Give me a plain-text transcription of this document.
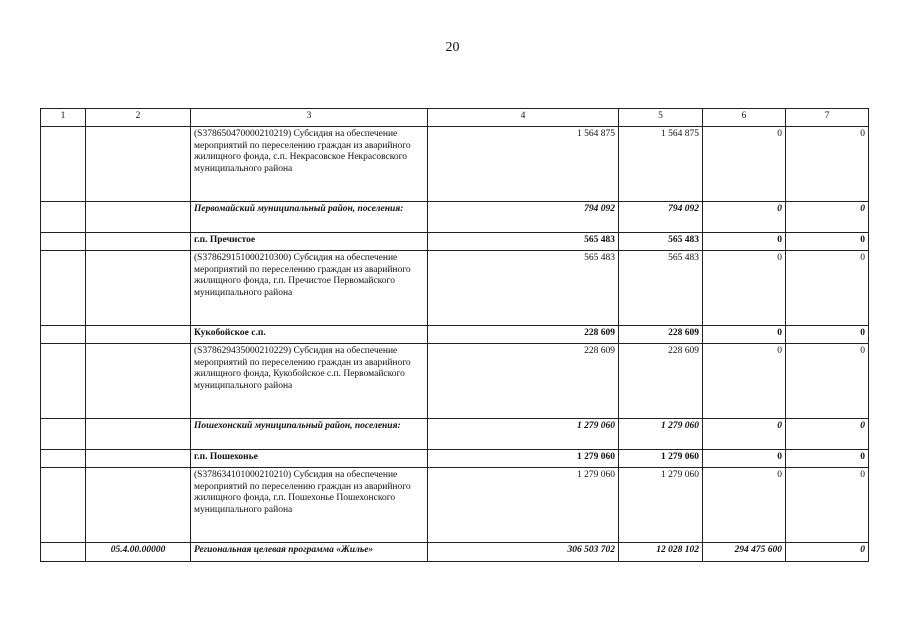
20
1	2	3	4	5	6	7
		(S378650470000210219) Субсидия на обеспечение мероприятий по переселению граждан из аварийного жилищного фонда, с.п. Некрасовское Некрасовского муниципального района	1 564 875	1 564 875	0	0
		Первомайский муниципальный район, поселения:	794 092	794 092	0	0
		г.п. Пречистое	565 483	565 483	0	0
		(S378629151000210300) Субсидия на обеспечение мероприятий по переселению граждан из аварийного жилищного фонда, г.п. Пречистое Первомайского муниципального района	565 483	565 483	0	0
		Кукобойское с.п.	228 609	228 609	0	0
		(S378629435000210229) Субсидия на обеспечение мероприятий по переселению граждан из аварийного жилищного фонда, Кукобойское с.п. Первомайского муниципального района	228 609	228 609	0	0
		Пошехонский муниципальный район, поселения:	1 279 060	1 279 060	0	0
		г.п. Пошехонье	1 279 060	1 279 060	0	0
		(S378634101000210210) Субсидия на обеспечение мероприятий по переселению граждан из аварийного жилищного фонда, г.п. Пошехонье Пошехонского муниципального района	1 279 060	1 279 060	0	0
	05.4.00.00000	Региональная целевая программа «Жилье»	306 503 702	12 028 102	294 475 600	0
